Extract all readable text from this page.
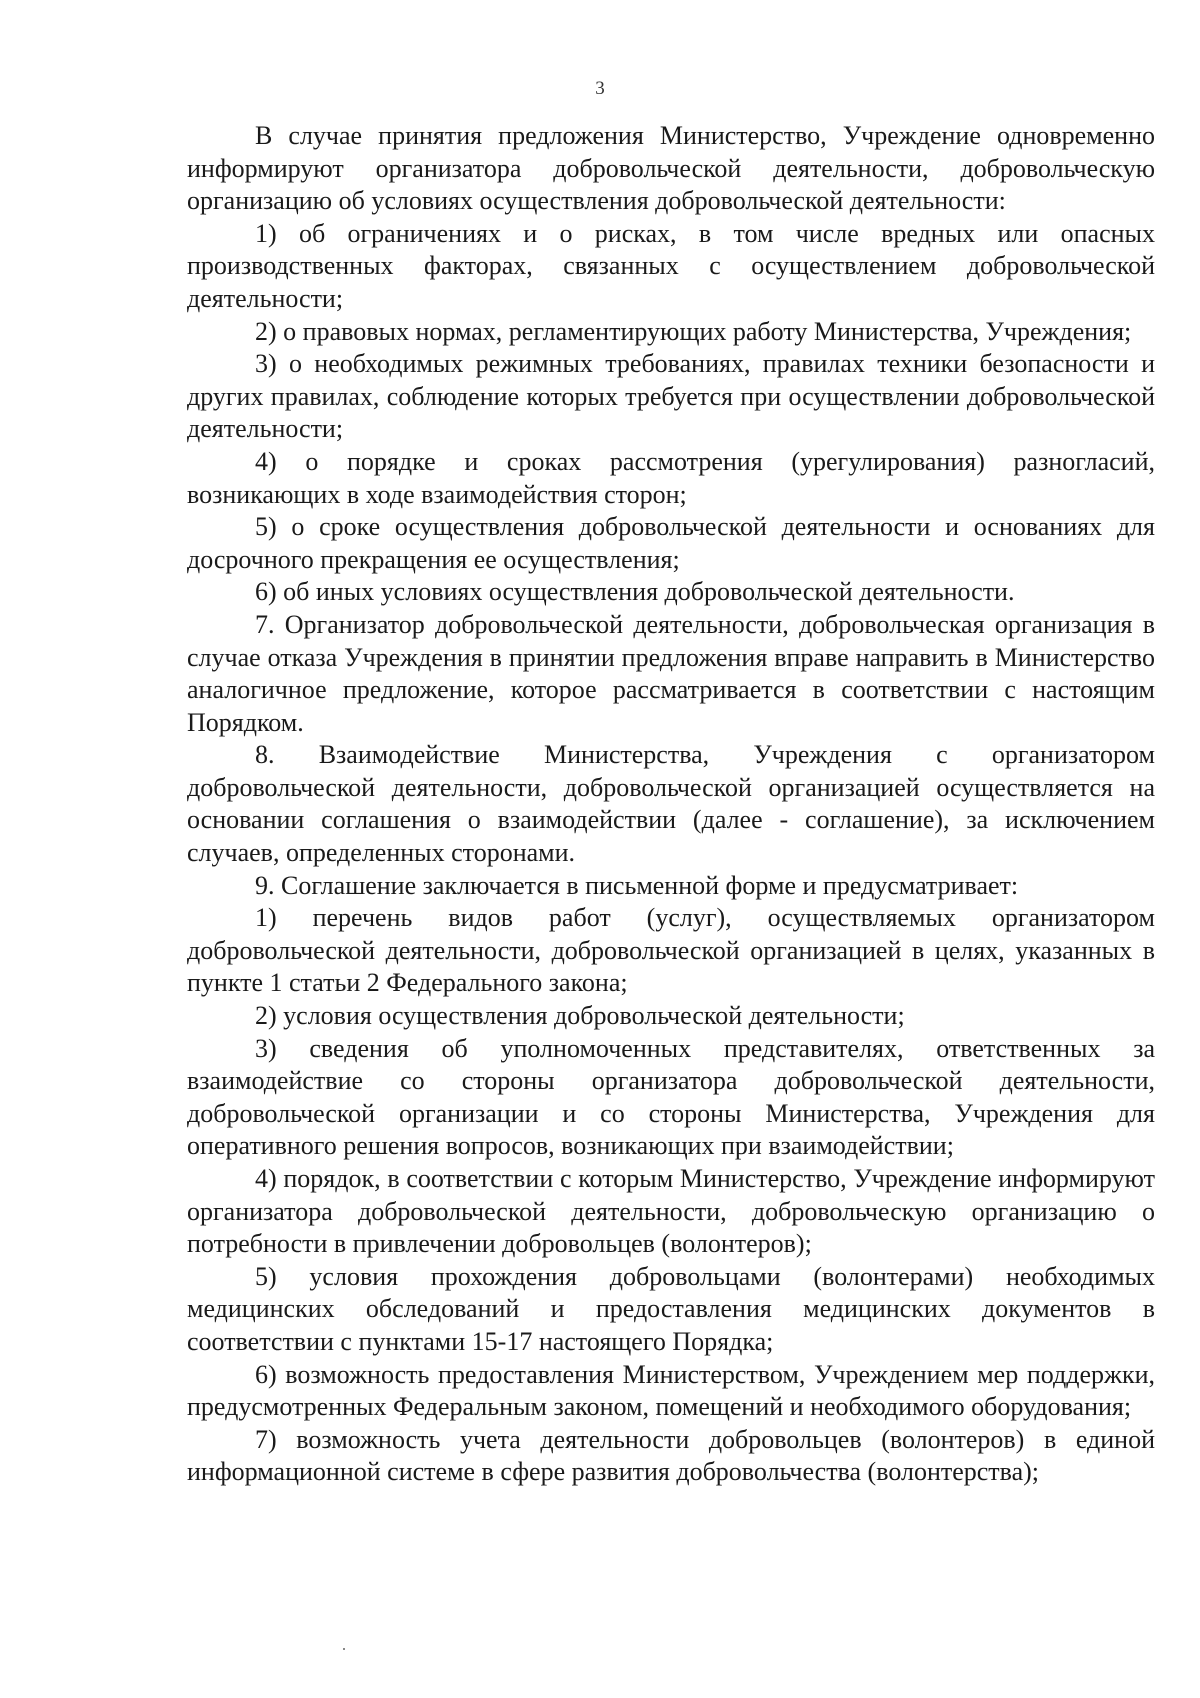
3

В случае принятия предложения Министерство, Учреждение одновременно информируют организатора добровольческой деятельности, добровольческую организацию об условиях осуществления добровольческой деятельности:

1) об ограничениях и о рисках, в том числе вредных или опасных производственных факторах, связанных с осуществлением добровольческой деятельности;

2) о правовых нормах, регламентирующих работу Министерства, Учреждения;

3) о необходимых режимных требованиях, правилах техники безопасности и других правилах, соблюдение которых требуется при осуществлении добровольческой деятельности;

4) о порядке и сроках рассмотрения (урегулирования) разногласий, возникающих в ходе взаимодействия сторон;

5) о сроке осуществления добровольческой деятельности и основаниях для досрочного прекращения ее осуществления;

6) об иных условиях осуществления добровольческой деятельности.

7. Организатор добровольческой деятельности, добровольческая организация в случае отказа Учреждения в принятии предложения вправе направить в Министерство аналогичное предложение, которое рассматривается в соответствии с настоящим Порядком.

8. Взаимодействие Министерства, Учреждения с организатором добровольческой деятельности, добровольческой организацией осуществляется на основании соглашения о взаимодействии (далее - соглашение), за исключением случаев, определенных сторонами.

9. Соглашение заключается в письменной форме и предусматривает:

1) перечень видов работ (услуг), осуществляемых организатором добровольческой деятельности, добровольческой организацией в целях, указанных в пункте 1 статьи 2 Федерального закона;

2) условия осуществления добровольческой деятельности;

3) сведения об уполномоченных представителях, ответственных за взаимодействие со стороны организатора добровольческой деятельности, добровольческой организации и со стороны Министерства, Учреждения для оперативного решения вопросов, возникающих при взаимодействии;

4) порядок, в соответствии с которым Министерство, Учреждение информируют организатора добровольческой деятельности, добровольческую организацию о потребности в привлечении добровольцев (волонтеров);

5) условия прохождения добровольцами (волонтерами) необходимых медицинских обследований и предоставления медицинских документов в соответствии с пунктами 15-17 настоящего Порядка;

6) возможность предоставления Министерством, Учреждением мер поддержки, предусмотренных Федеральным законом, помещений и необходимого оборудования;

7) возможность учета деятельности добровольцев (волонтеров) в единой информационной системе в сфере развития добровольчества (волонтерства);
